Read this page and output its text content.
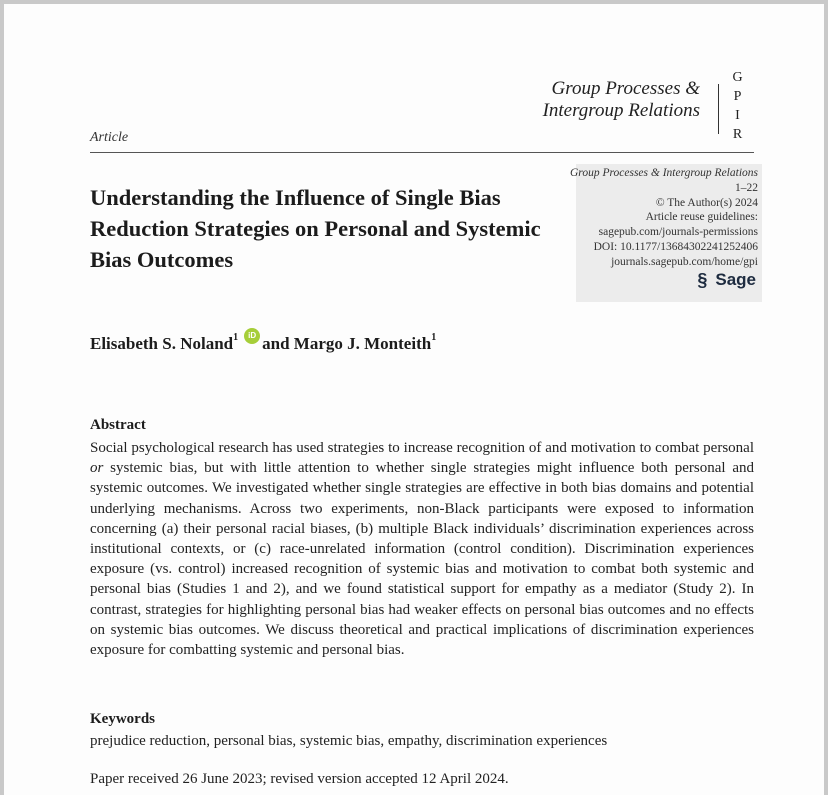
Group Processes &
Intergroup Relations
G
P
I
R
Article
Understanding the Influence of Single Bias Reduction Strategies on Personal and Systemic Bias Outcomes
Group Processes & Intergroup Relations
1–22
© The Author(s) 2024
Article reuse guidelines:
sagepub.com/journals-permissions
DOI: 10.1177/13684302241252406
journals.sagepub.com/home/gpi
§ Sage
Elisabeth S. Noland$^1$	iD and Margo J. Monteith$^1$
Abstract
Social psychological research has used strategies to increase recognition of and motivation to combat personal or systemic bias, but with little attention to whether single strategies might influence both personal and systemic outcomes. We investigated whether single strategies are effective in both bias domains and potential underlying mechanisms. Across two experiments, non-Black participants were exposed to information concerning (a) their personal racial biases, (b) multiple Black individuals’ discrimination experiences across institutional contexts, or (c) race-unrelated information (control condition). Discrimination experiences exposure (vs. control) increased recognition of systemic bias and motivation to combat both systemic and personal bias (Studies 1 and 2), and we found statistical support for empathy as a mediator (Study 2). In contrast, strategies for highlighting personal bias had weaker effects on personal bias outcomes and no effects on systemic bias outcomes. We discuss theoretical and practical implications of discrimination experiences exposure for combatting systemic and personal bias.
Keywords
prejudice reduction, personal bias, systemic bias, empathy, discrimination experiences
Paper received 26 June 2023; revised version accepted 12 April 2024.
